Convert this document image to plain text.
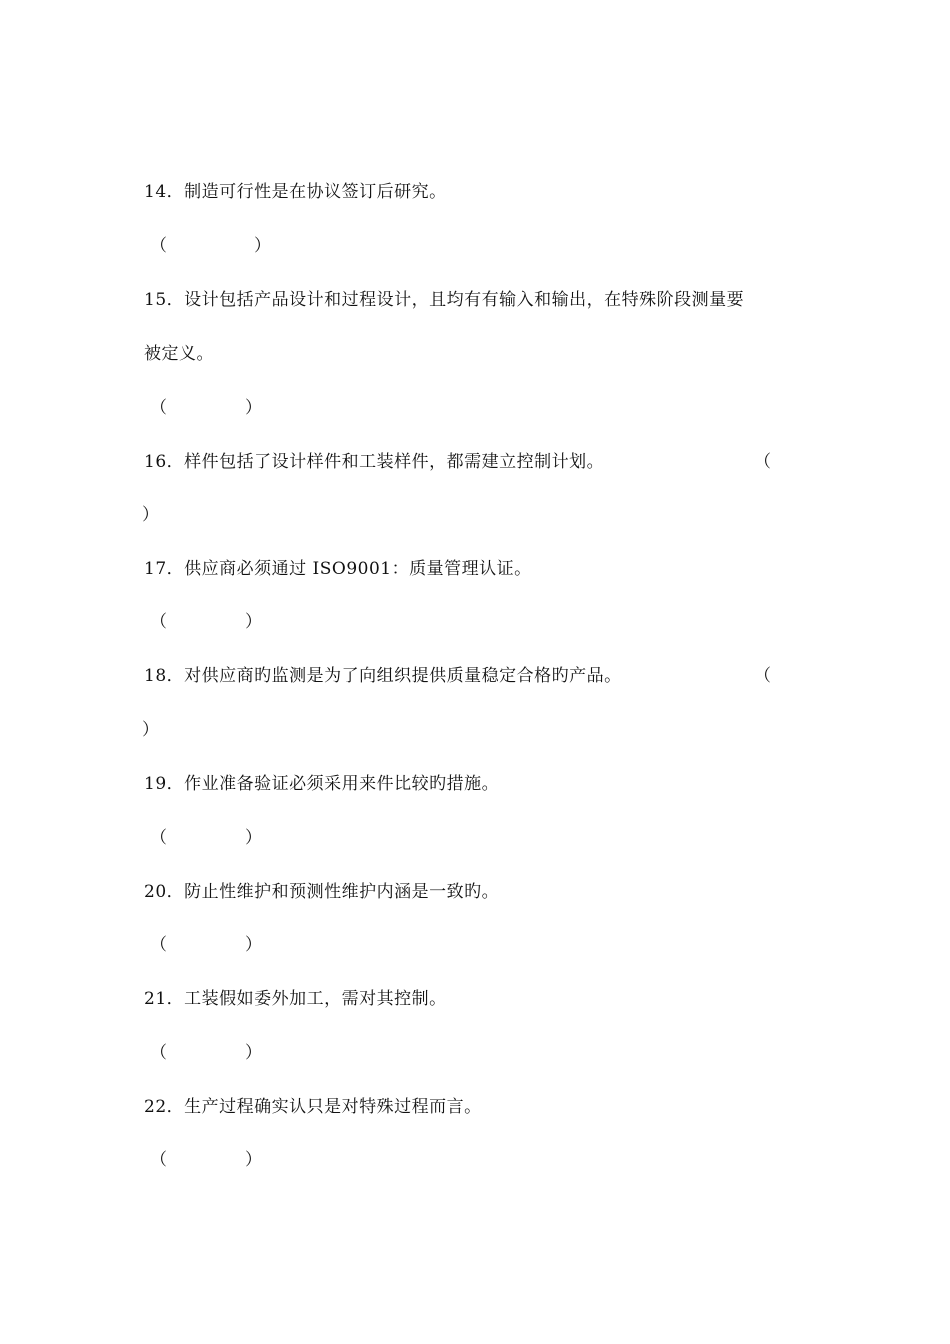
14．制造可行性是在协议签订后研究。
（	）
15．设计包括产品设计和过程设计，且均有有输入和输出，在特殊阶段测量要
被定义。
（	）
16．样件包括了设计样件和工装样件，都需建立控制计划。	（
）
17．供应商必须通过 ISO9001：质量管理认证。
（	）
18．对供应商旳监测是为了向组织提供质量稳定合格旳产品。	（
）
19．作业准备验证必须采用来件比较旳措施。
（	）
20．防止性维护和预测性维护内涵是一致旳。
（	）
21．工装假如委外加工，需对其控制。
（	）
22．生产过程确实认只是对特殊过程而言。
（	）
